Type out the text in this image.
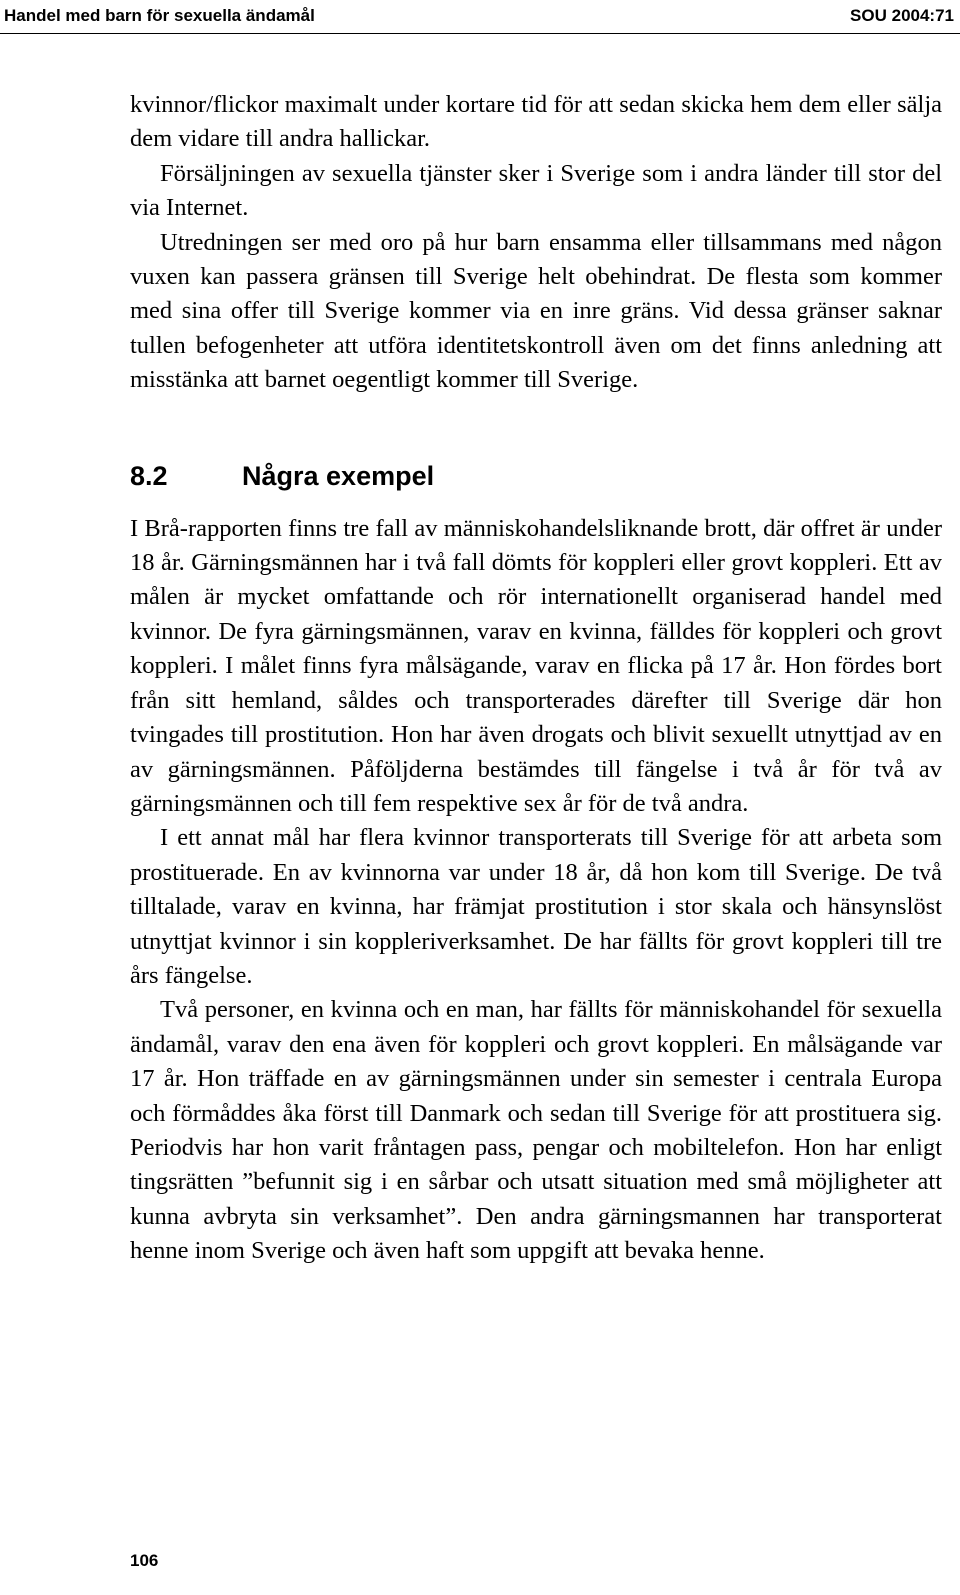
Handel med barn för sexuella ändamål	SOU 2004:71

kvinnor/flickor maximalt under kortare tid för att sedan skicka hem dem eller sälja dem vidare till andra hallickar.

Försäljningen av sexuella tjänster sker i Sverige som i andra länder till stor del via Internet.

Utredningen ser med oro på hur barn ensamma eller tillsammans med någon vuxen kan passera gränsen till Sverige helt obehindrat. De flesta som kommer med sina offer till Sverige kommer via en inre gräns. Vid dessa gränser saknar tullen befogenheter att utföra identitetskontroll även om det finns anledning att misstänka att barnet oegentligt kommer till Sverige.

8.2	Några exempel

I Brå-rapporten finns tre fall av människohandelsliknande brott, där offret är under 18 år. Gärningsmännen har i två fall dömts för koppleri eller grovt koppleri. Ett av målen är mycket omfattande och rör internationellt organiserad handel med kvinnor. De fyra gärningsmännen, varav en kvinna, fälldes för koppleri och grovt koppleri. I målet finns fyra målsägande, varav en flicka på 17 år. Hon fördes bort från sitt hemland, såldes och transporterades därefter till Sverige där hon tvingades till prostitution. Hon har även drogats och blivit sexuellt utnyttjad av en av gärningsmännen. Påföljderna bestämdes till fängelse i två år för två av gärningsmännen och till fem respektive sex år för de två andra.

I ett annat mål har flera kvinnor transporterats till Sverige för att arbeta som prostituerade. En av kvinnorna var under 18 år, då hon kom till Sverige. De två tilltalade, varav en kvinna, har främjat prostitution i stor skala och hänsynslöst utnyttjat kvinnor i sin koppleriverksamhet. De har fällts för grovt koppleri till tre års fängelse.

Två personer, en kvinna och en man, har fällts för människohandel för sexuella ändamål, varav den ena även för koppleri och grovt koppleri. En målsägande var 17 år. Hon träffade en av gärningsmännen under sin semester i centrala Europa och förmåddes åka först till Danmark och sedan till Sverige för att prostituera sig. Periodvis har hon varit fråntagen pass, pengar och mobiltelefon. Hon har enligt tingsrätten ”befunnit sig i en sårbar och utsatt situation med små möjligheter att kunna avbryta sin verksamhet”. Den andra gärningsmannen har transporterat henne inom Sverige och även haft som uppgift att bevaka henne.

106
